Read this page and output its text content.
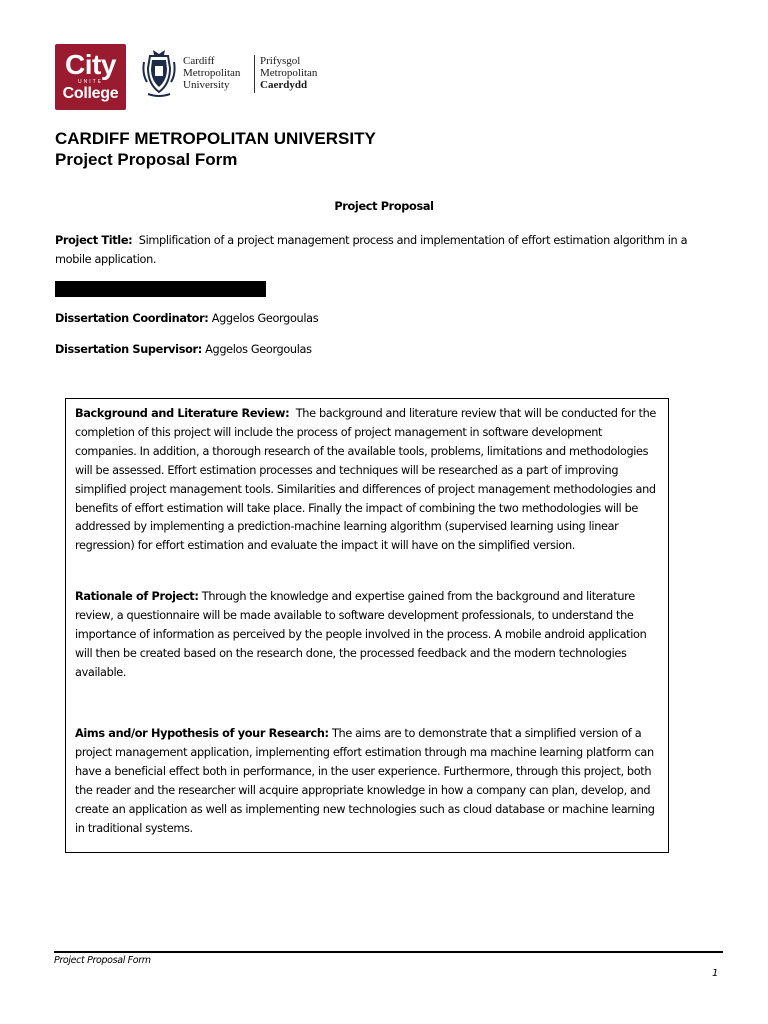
City
UNITE
College
Cardiff
Metropolitan
University
Prifysgol
Metropolitan
Caerdydd
CARDIFF METROPOLITAN UNIVERSITY
Project Proposal Form
Project Proposal
Project Title: Simplification of a project management process and implementation of effort estimation algorithm in a mobile application.
Dissertation Coordinator: Aggelos Georgoulas
Dissertation Supervisor: Aggelos Georgoulas

Background and Literature Review: The background and literature review that will be conducted for the completion of this project will include the process of project management in software development companies. In addition, a thorough research of the available tools, problems, limitations and methodologies will be assessed. Effort estimation processes and techniques will be researched as a part of improving simplified project management tools. Similarities and differences of project management methodologies and benefits of effort estimation will take place. Finally the impact of combining the two methodologies will be addressed by implementing a prediction-machine learning algorithm (supervised learning using linear regression) for effort estimation and evaluate the impact it will have on the simplified version.

Rationale of Project: Through the knowledge and expertise gained from the background and literature review, a questionnaire will be made available to software development professionals, to understand the importance of information as perceived by the people involved in the process. A mobile android application will then be created based on the research done, the processed feedback and the modern technologies available.

Aims and/or Hypothesis of your Research: The aims are to demonstrate that a simplified version of a project management application, implementing effort estimation through ma machine learning platform can have a beneficial effect both in performance, in the user experience. Furthermore, through this project, both the reader and the researcher will acquire appropriate knowledge in how a company can plan, develop, and create an application as well as implementing new technologies such as cloud database or machine learning in traditional systems.

Project Proposal Form
1
